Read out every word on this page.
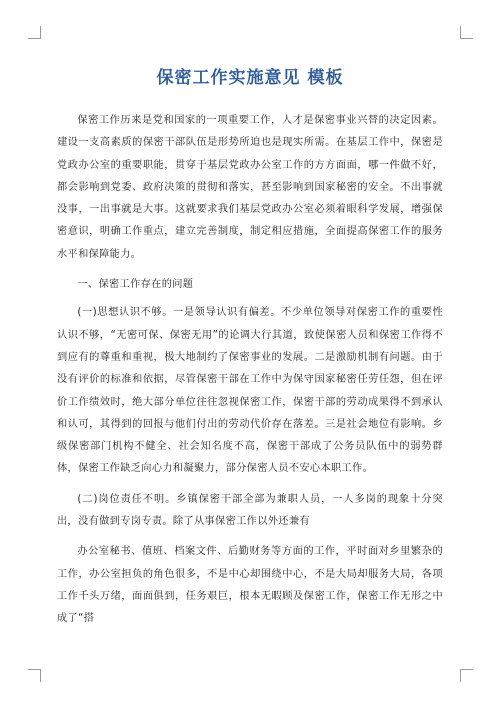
保密工作实施意见 模板

保密工作历来是党和国家的一项重要工作，人才是保密事业兴替的决定因素。建设一支高素质的保密干部队伍是形势所迫也是现实所需。在基层工作中，保密是党政办公室的重要职能，贯穿于基层党政办公室工作的方方面面，哪一件做不好，都会影响到党委、政府决策的贯彻和落实，甚至影响到国家秘密的安全。不出事就没事，一出事就是大事。这就要求我们基层党政办公室必须着眼科学发展，增强保密意识，明确工作重点，建立完善制度，制定相应措施，全面提高保密工作的服务水平和保障能力。

一、保密工作存在的问题

(一)思想认识不够。一是领导认识有偏差。不少单位领导对保密工作的重要性认识不够，“无密可保、保密无用”的论调大行其道，致使保密人员和保密工作得不到应有的尊重和重视，极大地制约了保密事业的发展。二是激励机制有问题。由于没有评价的标准和依据，尽管保密干部在工作中为保守国家秘密任劳任怨，但在评价工作绩效时，绝大部分单位往往忽视保密工作，保密干部的劳动成果得不到承认和认可，其得到的回报与他们付出的劳动代价存在落差。三是社会地位有影响。乡级保密部门机构不健全、社会知名度不高，保密干部成了公务员队伍中的弱势群体，保密工作缺乏向心力和凝聚力，部分保密人员不安心本职工作。

(二)岗位责任不明。乡镇保密干部全部为兼职人员，一人多岗的现象十分突出，没有做到专岗专责。除了从事保密工作以外还兼有

办公室秘书、值班、档案文件、后勤财务等方面的工作，平时面对乡里繁杂的工作，办公室担负的角色很多，不是中心却围绕中心，不是大局却服务大局，各项工作千头万绪，面面俱到，任务艰巨，根本无暇顾及保密工作，保密工作无形之中成了“搭
